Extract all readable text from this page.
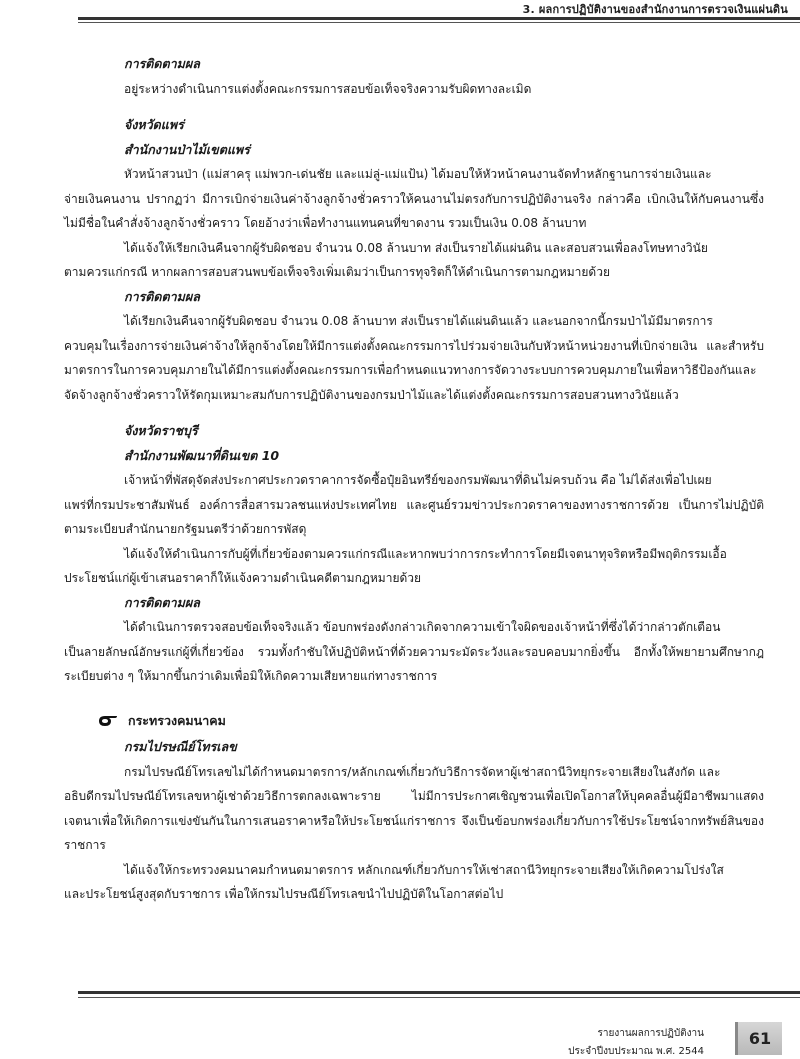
3. ผลการปฏิบัติงานของสำนักงานการตรวจเงินแผ่นดิน

การติดตามผล

อยู่ระหว่างดำเนินการแต่งตั้งคณะกรรมการสอบข้อเท็จจริงความรับผิดทางละเมิด

จังหวัดแพร่

สำนักงานป่าไม้เขตแพร่

หัวหน้าสวนป่า (แม่สาครุ แม่พวก-เด่นชัย และแม่ลู่-แม่แป้น) ได้มอบให้หัวหน้าคนงานจัดทำหลักฐานการจ่ายเงินและ
จ่ายเงินคนงาน ปรากฏว่า มีการเบิกจ่ายเงินค่าจ้างลูกจ้างชั่วคราวให้คนงานไม่ตรงกับการปฏิบัติงานจริง กล่าวคือ เบิกเงินให้กับคนงานซึ่งไม่มีชื่อในคำสั่งจ้างลูกจ้างชั่วคราว โดยอ้างว่าเพื่อทำงานแทนคนที่ขาดงาน รวมเป็นเงิน 0.08 ล้านบาท

ได้แจ้งให้เรียกเงินคืนจากผู้รับผิดชอบ จำนวน 0.08 ล้านบาท ส่งเป็นรายได้แผ่นดิน และสอบสวนเพื่อลงโทษทางวินัย
ตามควรแก่กรณี หากผลการสอบสวนพบข้อเท็จจริงเพิ่มเติมว่าเป็นการทุจริตก็ให้ดำเนินการตามกฎหมายด้วย

การติดตามผล

ได้เรียกเงินคืนจากผู้รับผิดชอบ จำนวน 0.08 ล้านบาท ส่งเป็นรายได้แผ่นดินแล้ว และนอกจากนี้กรมป่าไม้มีมาตรการ
ควบคุมในเรื่องการจ่ายเงินค่าจ้างให้ลูกจ้างโดยให้มีการแต่งตั้งคณะกรรมการไปร่วมจ่ายเงินกับหัวหน้าหน่วยงานที่เบิกจ่ายเงิน และสำหรับมาตรการในการควบคุมภายในได้มีการแต่งตั้งคณะกรรมการเพื่อกำหนดแนวทางการจัดวางระบบการควบคุมภายในเพื่อหาวิธีป้องกันและจัดจ้างลูกจ้างชั่วคราวให้รัดกุมเหมาะสมกับการปฏิบัติงานของกรมป่าไม้และได้แต่งตั้งคณะกรรมการสอบสวนทางวินัยแล้ว

จังหวัดราชบุรี

สำนักงานพัฒนาที่ดินเขต 10

เจ้าหน้าที่พัสดุจัดส่งประกาศประกวดราคาการจัดซื้อปุ๋ยอินทรีย์ของกรมพัฒนาที่ดินไม่ครบถ้วน คือ ไม่ได้ส่งเพื่อไปเผย
แพร่ที่กรมประชาสัมพันธ์ องค์การสื่อสารมวลชนแห่งประเทศไทย และศูนย์รวมข่าวประกวดราคาของทางราชการด้วย เป็นการไม่ปฏิบัติตามระเบียบสำนักนายกรัฐมนตรีว่าด้วยการพัสดุ

ได้แจ้งให้ดำเนินการกับผู้ที่เกี่ยวข้องตามควรแก่กรณีและหากพบว่าการกระทำการโดยมีเจตนาทุจริตหรือมีพฤติกรรมเอื้อ
ประโยชน์แก่ผู้เข้าเสนอราคาก็ให้แจ้งความดำเนินคดีตามกฎหมายด้วย

การติดตามผล

ได้ดำเนินการตรวจสอบข้อเท็จจริงแล้ว ข้อบกพร่องดังกล่าวเกิดจากความเข้าใจผิดของเจ้าหน้าที่ซึ่งได้ว่ากล่าวตักเตือน
เป็นลายลักษณ์อักษรแก่ผู้ที่เกี่ยวข้อง รวมทั้งกำชับให้ปฏิบัติหน้าที่ด้วยความระมัดระวังและรอบคอบมากยิ่งขึ้น อีกทั้งให้พยายามศึกษากฎ ระเบียบต่าง ๆ ให้มากขึ้นกว่าเดิมเพื่อมิให้เกิดความเสียหายแก่ทางราชการ

กระทรวงคมนาคม

กรมไปรษณีย์โทรเลข

กรมไปรษณีย์โทรเลขไม่ได้กำหนดมาตรการ/หลักเกณฑ์เกี่ยวกับวิธีการจัดหาผู้เช่าสถานีวิทยุกระจายเสียงในสังกัด และ
อธิบดีกรมไปรษณีย์โทรเลขหาผู้เช่าด้วยวิธีการตกลงเฉพาะราย ไม่มีการประกาศเชิญชวนเพื่อเปิดโอกาสให้บุคคลอื่นผู้มีอาชีพมาแสดงเจตนาเพื่อให้เกิดการแข่งขันกันในการเสนอราคาหรือให้ประโยชน์แก่ราชการ จึงเป็นข้อบกพร่องเกี่ยวกับการใช้ประโยชน์จากทรัพย์สินของราชการ

ได้แจ้งให้กระทรวงคมนาคมกำหนดมาตรการ หลักเกณฑ์เกี่ยวกับการให้เช่าสถานีวิทยุกระจายเสียงให้เกิดความโปร่งใส
และประโยชน์สูงสุดกับราชการ เพื่อให้กรมไปรษณีย์โทรเลขนำไปปฏิบัติในโอกาสต่อไป

รายงานผลการปฏิบัติงาน
ประจำปีงบประมาณ พ.ศ. 2544
61
